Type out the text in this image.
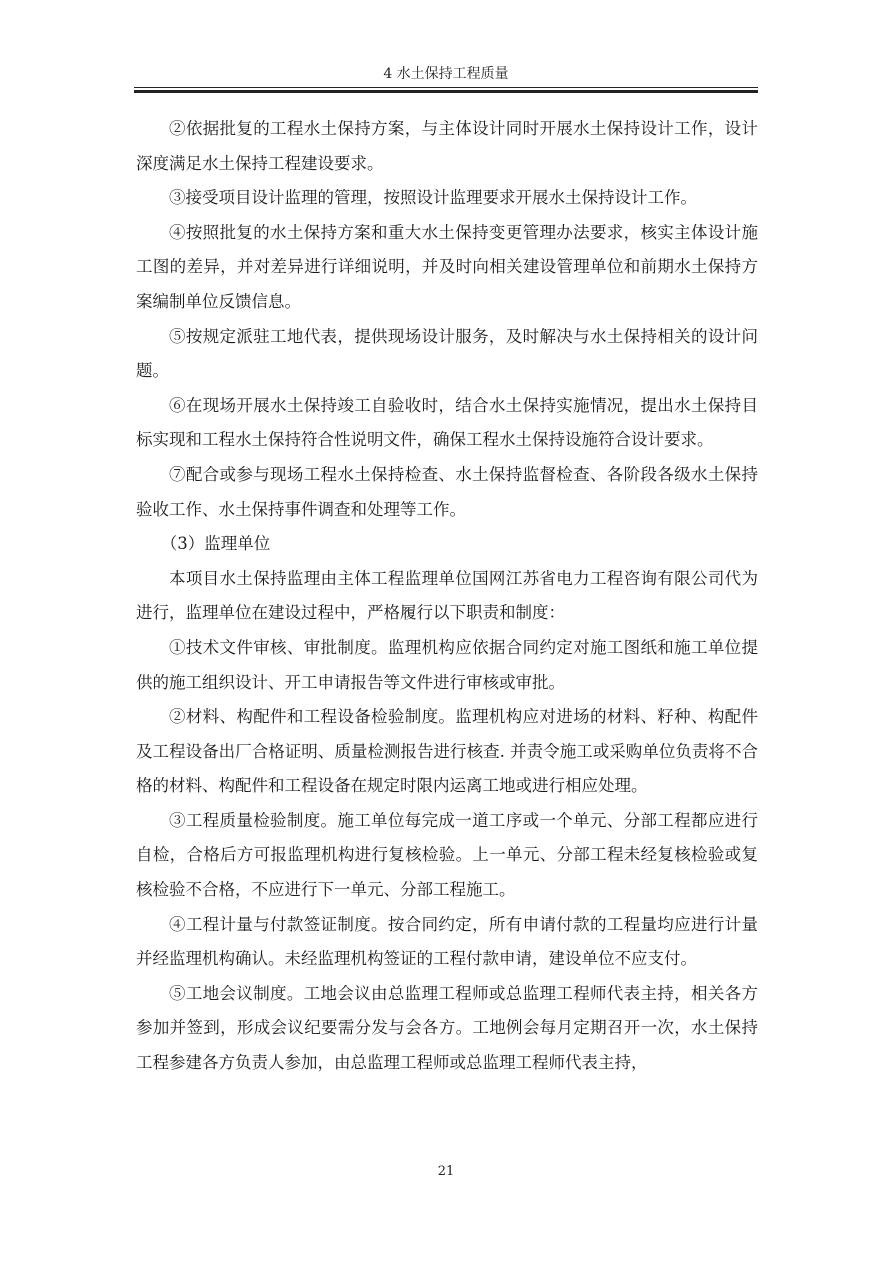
4 水土保持工程质量

②依据批复的工程水土保持方案，与主体设计同时开展水土保持设计工作，设计深度满足水土保持工程建设要求。

③接受项目设计监理的管理，按照设计监理要求开展水土保持设计工作。

④按照批复的水土保持方案和重大水土保持变更管理办法要求，核实主体设计施工图的差异，并对差异进行详细说明，并及时向相关建设管理单位和前期水土保持方案编制单位反馈信息。

⑤按规定派驻工地代表，提供现场设计服务，及时解决与水土保持相关的设计问题。

⑥在现场开展水土保持竣工自验收时，结合水土保持实施情况，提出水土保持目标实现和工程水土保持符合性说明文件，确保工程水土保持设施符合设计要求。

⑦配合或参与现场工程水土保持检查、水土保持监督检查、各阶段各级水土保持验收工作、水土保持事件调查和处理等工作。

（3）监理单位

本项目水土保持监理由主体工程监理单位国网江苏省电力工程咨询有限公司代为进行，监理单位在建设过程中，严格履行以下职责和制度：

①技术文件审核、审批制度。监理机构应依据合同约定对施工图纸和施工单位提供的施工组织设计、开工申请报告等文件进行审核或审批。

②材料、构配件和工程设备检验制度。监理机构应对进场的材料、籽种、构配件及工程设备出厂合格证明、质量检测报告进行核查. 并责令施工或采购单位负责将不合格的材料、构配件和工程设备在规定时限内运离工地或进行相应处理。

③工程质量检验制度。施工单位每完成一道工序或一个单元、分部工程都应进行自检，合格后方可报监理机构进行复核检验。上一单元、分部工程未经复核检验或复核检验不合格，不应进行下一单元、分部工程施工。

④工程计量与付款签证制度。按合同约定，所有申请付款的工程量均应进行计量并经监理机构确认。未经监理机构签证的工程付款申请，建设单位不应支付。

⑤工地会议制度。工地会议由总监理工程师或总监理工程师代表主持，相关各方参加并签到，形成会议纪要需分发与会各方。工地例会每月定期召开一次，水土保持工程参建各方负责人参加，由总监理工程师或总监理工程师代表主持，

21
